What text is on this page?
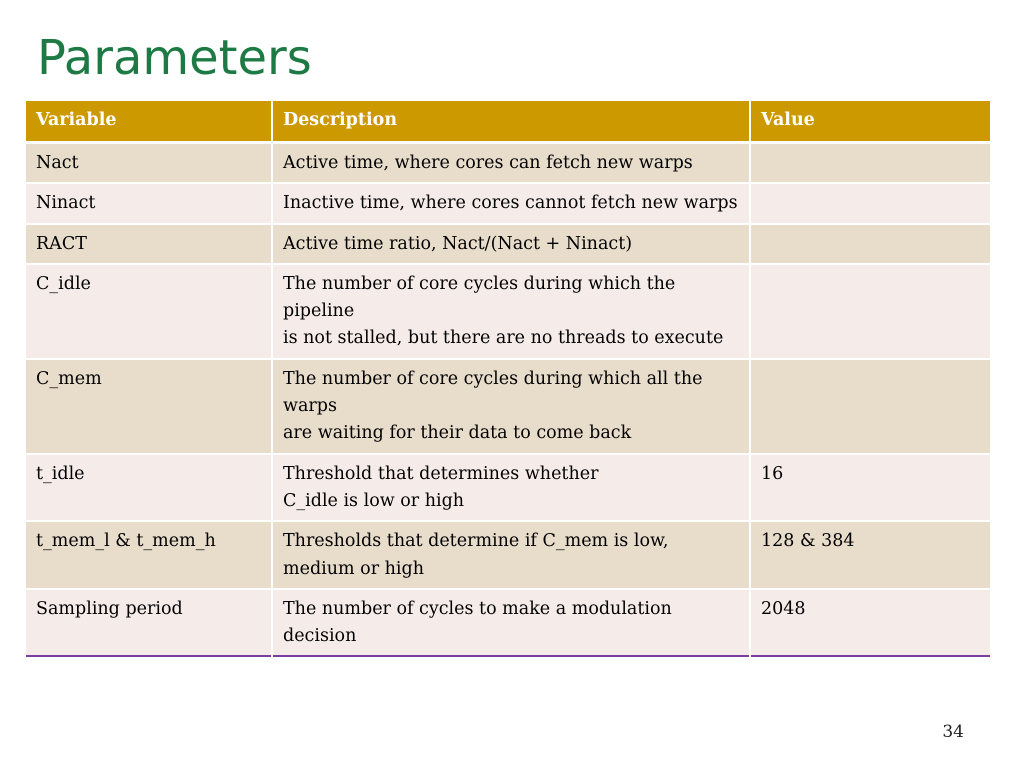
Parameters
Variable	Description	Value
Nact	Active time, where cores can fetch new warps	

Ninact	Inactive time, where cores cannot fetch new warps	

RACT	Active time ratio, Nact/(Nact + Ninact)	

C_idle	The number of core cycles during which the pipeline
is not stalled, but there are no threads to execute	

C_mem	The number of core cycles during which all the warps
are waiting for their data to come back	

t_idle	Threshold that determines whether
C_idle is low or high	16
t_mem_l & t_mem_h	Thresholds that determine if C_mem is low, medium or high	128 & 384
Sampling period	The number of cycles to make a modulation decision	2048
34
